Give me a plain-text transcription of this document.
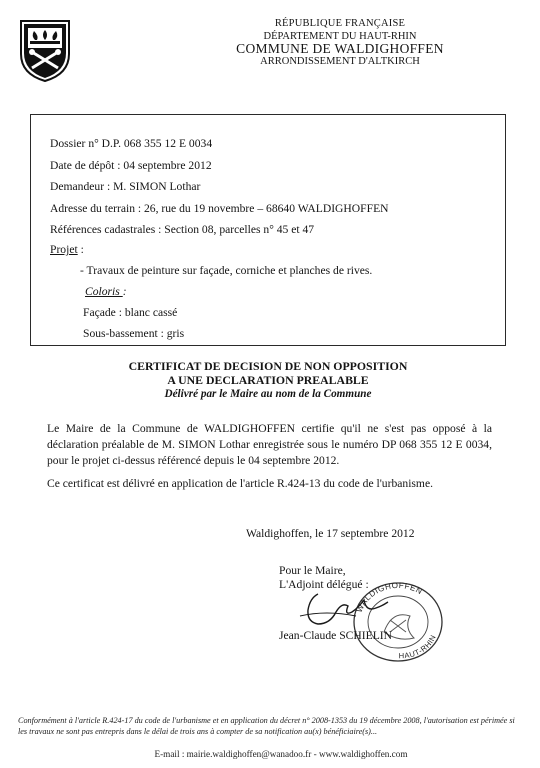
RÉPUBLIQUE FRANÇAISE
DÉPARTEMENT DU HAUT-RHIN
COMMUNE DE WALDIGHOFFEN
ARRONDISSEMENT D'ALTKIRCH
Dossier n° D.P. 068 355 12 E 0034
Date de dépôt : 04 septembre 2012
Demandeur : M. SIMON Lothar
Adresse du terrain : 26, rue du 19 novembre – 68640 WALDIGHOFFEN
Références cadastrales : Section 08, parcelles n° 45 et 47
Projet :
- Travaux de peinture sur façade, corniche et planches de rives.
Coloris :
Façade : blanc cassé
Sous-bassement : gris
CERTIFICAT DE DECISION DE NON OPPOSITION
A UNE DECLARATION PREALABLE
Délivré par le Maire au nom de la Commune
Le Maire de la Commune de WALDIGHOFFEN certifie qu'il ne s'est pas opposé à la déclaration préalable de M. SIMON Lothar enregistrée sous le numéro DP 068 355 12 E 0034, pour le projet ci-dessus référencé depuis le 04 septembre 2012.
Ce certificat est délivré en application de l'article R.424-13 du code de l'urbanisme.
Waldighoffen, le 17 septembre 2012
Pour le Maire,
L'Adjoint délégué :
WALDIGHOFFEN
HAUT-RHIN
Jean-Claude SCHIELIN
Conformément à l'article R.424-17 du code de l'urbanisme et en application du décret n° 2008-1353 du 19 décembre 2008, l'autorisation est périmée si les travaux ne sont pas entrepris dans le délai de trois ans à compter de sa notification au(x) bénéficiaire(s)...
E-mail : mairie.waldighoffen@wanadoo.fr - www.waldighoffen.com
